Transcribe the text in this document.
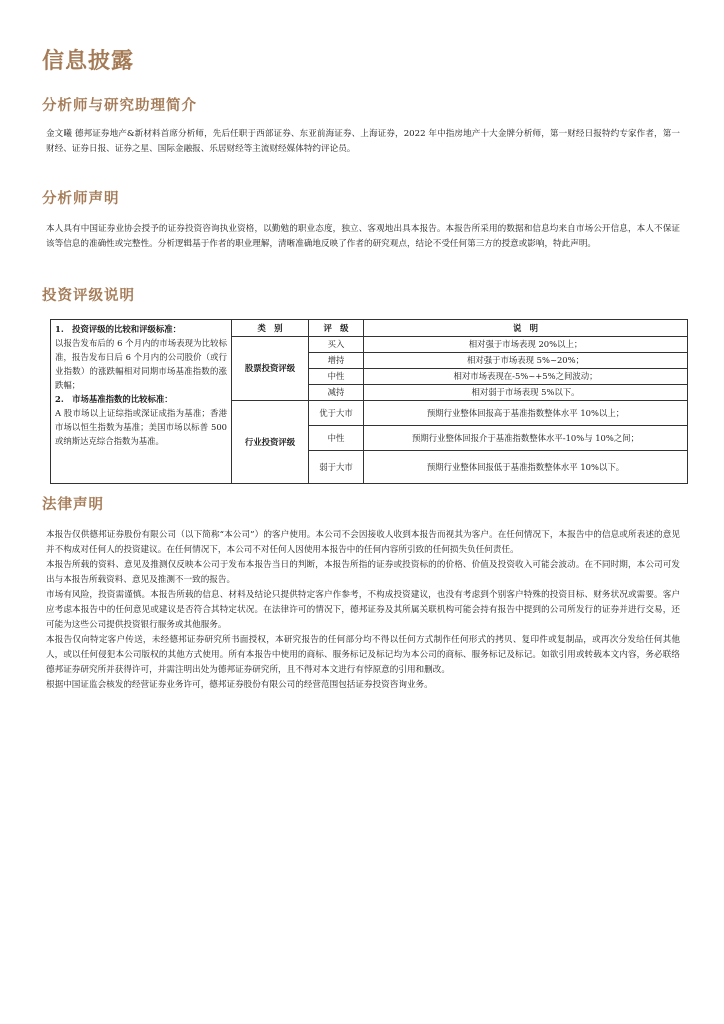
信息披露
分析师与研究助理简介

金文曦 德邦证券地产&新材料首席分析师，先后任职于西部证券、东亚前海证券、上海证券，2022 年中指房地产十大金牌分析师，第一财经日报特约专家作者，第一财经、证券日报、证券之星、国际金融报、乐居财经等主流财经媒体特约评论员。

分析师声明

本人具有中国证券业协会授予的证券投资咨询执业资格，以勤勉的职业态度，独立、客观地出具本报告。本报告所采用的数据和信息均来自市场公开信息，本人不保证该等信息的准确性或完整性。分析逻辑基于作者的职业理解，清晰准确地反映了作者的研究观点，结论不受任何第三方的授意或影响，特此声明。

投资评级说明
1.　投资评级的比较和评级标准：
以报告发布后的 6 个月内的市场表现为比较标准，报告发布日后 6 个月内的公司股价（或行业指数）的涨跌幅相对同期市场基准指数的涨跌幅；
2.　市场基准指数的比较标准：
A 股市场以上证综指或深证成指为基准；香港市场以恒生指数为基准；美国市场以标普 500 或纳斯达克综合指数为基准。	类　别	评　级	说　明
	股票投资评级	买入	相对强于市场表现 20%以上；
		增持	相对强于市场表现 5%~20%；
		中性	相对市场表现在-5%~+5%之间波动；
		减持	相对弱于市场表现 5%以下。
	行业投资评级	优于大市	预期行业整体回报高于基准指数整体水平 10%以上；
		中性	预期行业整体回报介于基准指数整体水平-10%与 10%之间；
		弱于大市	预期行业整体回报低于基准指数整体水平 10%以下。
法律声明

本报告仅供德邦证券股份有限公司（以下简称“本公司”）的客户使用。本公司不会因接收人收到本报告而视其为客户。在任何情况下，本报告中的信息或所表述的意见并不构成对任何人的投资建议。在任何情况下，本公司不对任何人因使用本报告中的任何内容所引致的任何损失负任何责任。

本报告所载的资料、意见及推测仅反映本公司于发布本报告当日的判断，本报告所指的证券或投资标的的价格、价值及投资收入可能会波动。在不同时期，本公司可发出与本报告所载资料、意见及推测不一致的报告。

市场有风险，投资需谨慎。本报告所载的信息、材料及结论只提供特定客户作参考，不构成投资建议，也没有考虑到个别客户特殊的投资目标、财务状况或需要。客户应考虑本报告中的任何意见或建议是否符合其特定状况。在法律许可的情况下，德邦证券及其所属关联机构可能会持有报告中提到的公司所发行的证券并进行交易，还可能为这些公司提供投资银行服务或其他服务。

本报告仅向特定客户传送，未经德邦证券研究所书面授权，本研究报告的任何部分均不得以任何方式制作任何形式的拷贝、复印件或复制品，或再次分发给任何其他人，或以任何侵犯本公司版权的其他方式使用。所有本报告中使用的商标、服务标记及标记均为本公司的商标、服务标记及标记。如欲引用或转载本文内容，务必联络德邦证券研究所并获得许可，并需注明出处为德邦证券研究所，且不得对本文进行有悖原意的引用和删改。

根据中国证监会核发的经营证券业务许可，德邦证券股份有限公司的经营范围包括证券投资咨询业务。
